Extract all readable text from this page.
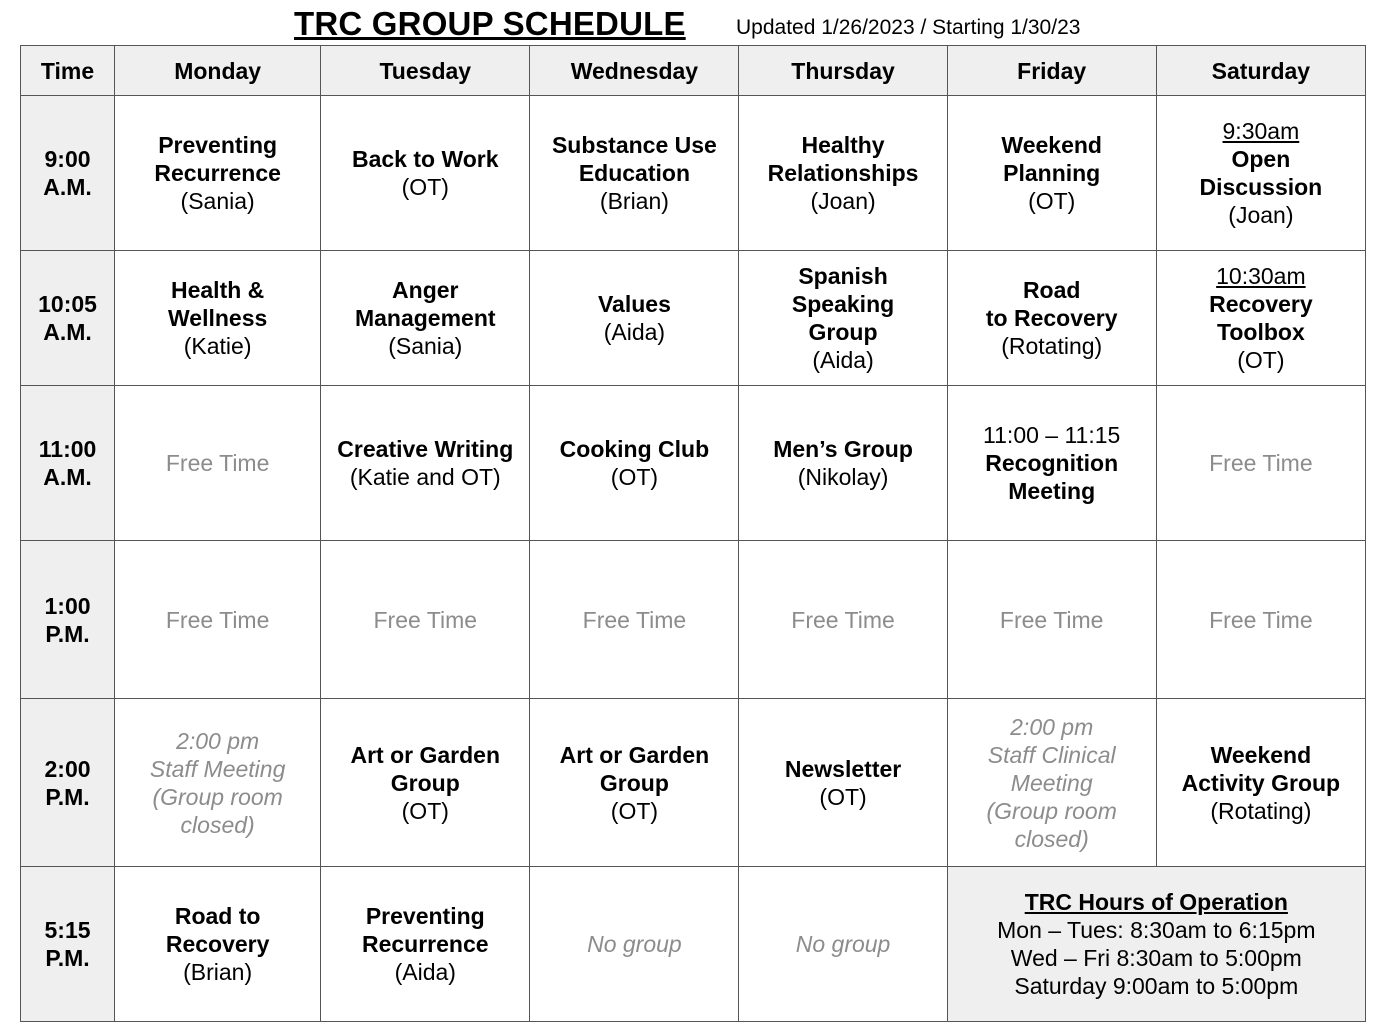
TRC GROUP SCHEDULE Updated 1/26/2023 / Starting 1/30/23
Time	Monday	Tuesday	Wednesday	Thursday	Friday	Saturday

9:00
A.M.	Preventing
Recurrence
(Sania)	Back to Work
(OT)	Substance Use
Education
(Brian)	Healthy
Relationships
(Joan)	Weekend
Planning
(OT)	9:30am
Open
Discussion
(Joan)

10:05
A.M.	Health &
Wellness
(Katie)	Anger
Management
(Sania)	Values
(Aida)	Spanish
Speaking
Group
(Aida)	Road
to Recovery
(Rotating)	10:30am
Recovery
Toolbox
(OT)

11:00
A.M.	Free Time	Creative Writing
(Katie and OT)	Cooking Club
(OT)	Men’s Group
(Nikolay)	11:00 – 11:15
Recognition
Meeting	Free Time

1:00
P.M.	Free Time	Free Time	Free Time	Free Time	Free Time	Free Time

2:00
P.M.	2:00 pm
Staff Meeting
(Group room
closed)	Art or Garden
Group
(OT)	Art or Garden
Group
(OT)	Newsletter
(OT)	2:00 pm
Staff Clinical
Meeting
(Group room
closed)	Weekend
Activity Group
(Rotating)

5:15
P.M.	Road to
Recovery
(Brian)	Preventing
Recurrence
(Aida)	No group	No group	TRC Hours of Operation
Mon – Tues: 8:30am to 6:15pm
Wed – Fri 8:30am to 5:00pm
Saturday 9:00am to 5:00pm	
